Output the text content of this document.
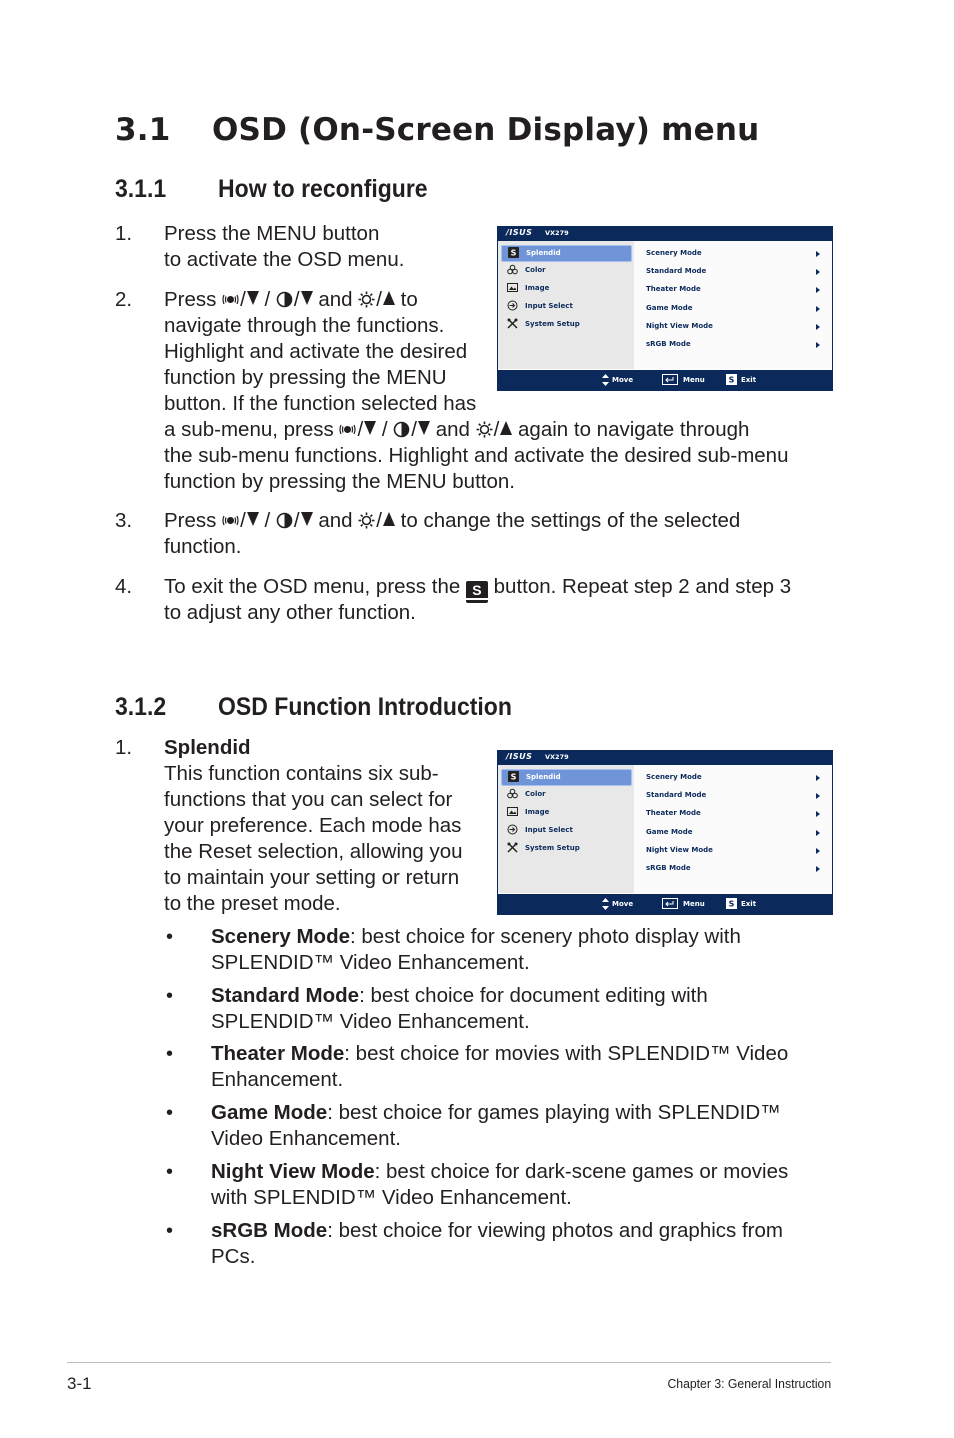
3.1 OSD (On-Screen Display) menu
3.1.1 How to reconfigure
1. Press the MENU button
to activate the OSD menu.
2. Press / / / and / to
navigate through the functions.
Highlight and activate the desired
function by pressing the MENU
button. If the function selected has
a sub-menu, press / / / and / again to navigate through
the sub-menu functions. Highlight and activate the desired sub-menu
function by pressing the MENU button.
3. Press / / / and / to change the settings of the selected
function.
4. To exit the OSD menu, press the S button. Repeat step 2 and step 3
to adjust any other function.
3.1.2 OSD Function Introduction
1. Splendid
This function contains six sub-
functions that you can select for
your preference. Each mode has
the Reset selection, allowing you
to maintain your setting or return
to the preset mode.
• Scenery Mode: best choice for scenery photo display with
SPLENDID™ Video Enhancement.
• Standard Mode: best choice for document editing with
SPLENDID™ Video Enhancement.
• Theater Mode: best choice for movies with SPLENDID™ Video
Enhancement.
• Game Mode: best choice for games playing with SPLENDID™
Video Enhancement.
• Night View Mode: best choice for dark-scene games or movies
with SPLENDID™ Video Enhancement.
• sRGB Mode: best choice for viewing photos and graphics from
PCs.
/ISUS VX279
S Splendid
Color
Image
Input Select
System Setup
Scenery Mode
Standard Mode
Theater Mode
Game Mode
Night View Mode
sRGB Mode
Move	Menu	S Exit
/ISUS VX279
S Splendid
Color
Image
Input Select
System Setup
Scenery Mode
Standard Mode
Theater Mode
Game Mode
Night View Mode
sRGB Mode
Move	Menu	S Exit
3-1	Chapter 3: General Instruction
